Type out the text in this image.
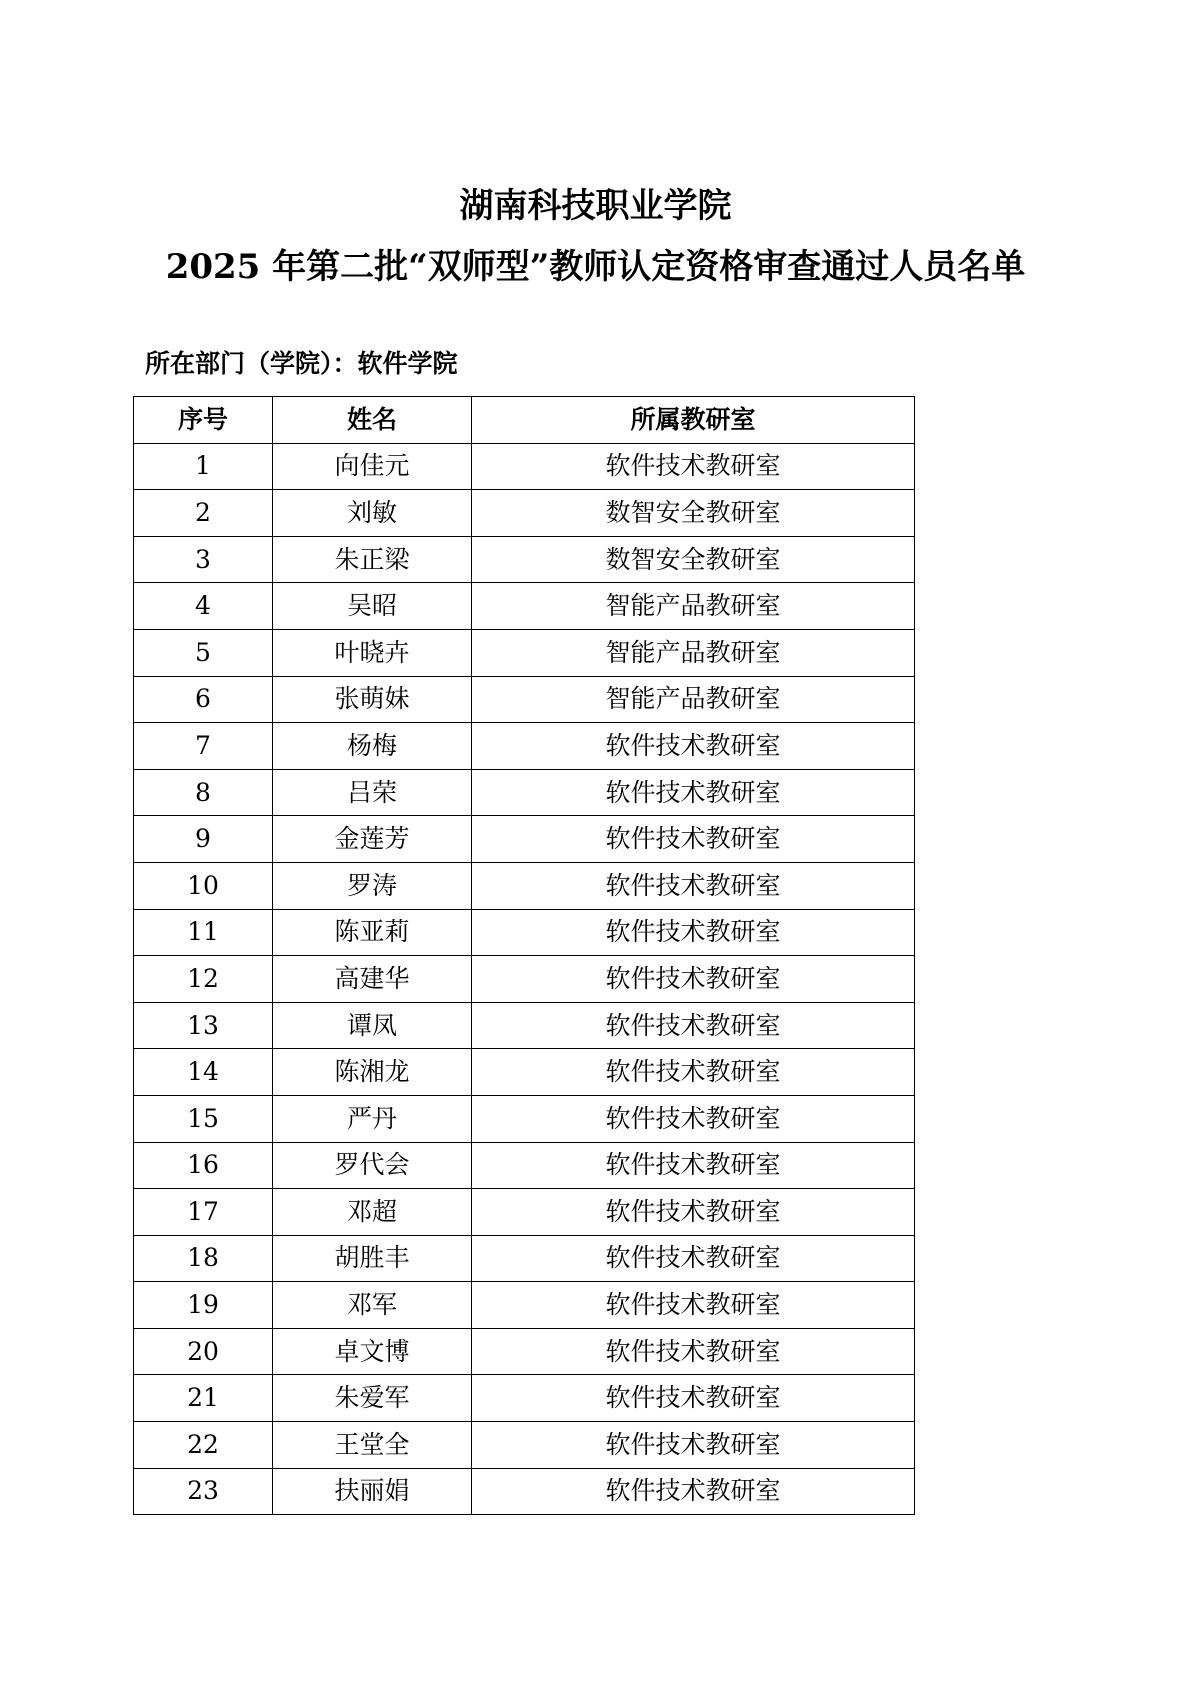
湖南科技职业学院
2025 年第二批“双师型”教师认定资格审查通过人员名单
所在部门（学院）：软件学院
序号	姓名	所属教研室
1	向佳元	软件技术教研室
2	刘敏	数智安全教研室
3	朱正梁	数智安全教研室
4	吴昭	智能产品教研室
5	叶晓卉	智能产品教研室
6	张萌妹	智能产品教研室
7	杨梅	软件技术教研室
8	吕荣	软件技术教研室
9	金莲芳	软件技术教研室
10	罗涛	软件技术教研室
11	陈亚莉	软件技术教研室
12	高建华	软件技术教研室
13	谭凤	软件技术教研室
14	陈湘龙	软件技术教研室
15	严丹	软件技术教研室
16	罗代会	软件技术教研室
17	邓超	软件技术教研室
18	胡胜丰	软件技术教研室
19	邓军	软件技术教研室
20	卓文博	软件技术教研室
21	朱爱军	软件技术教研室
22	王堂全	软件技术教研室
23	扶丽娟	软件技术教研室
